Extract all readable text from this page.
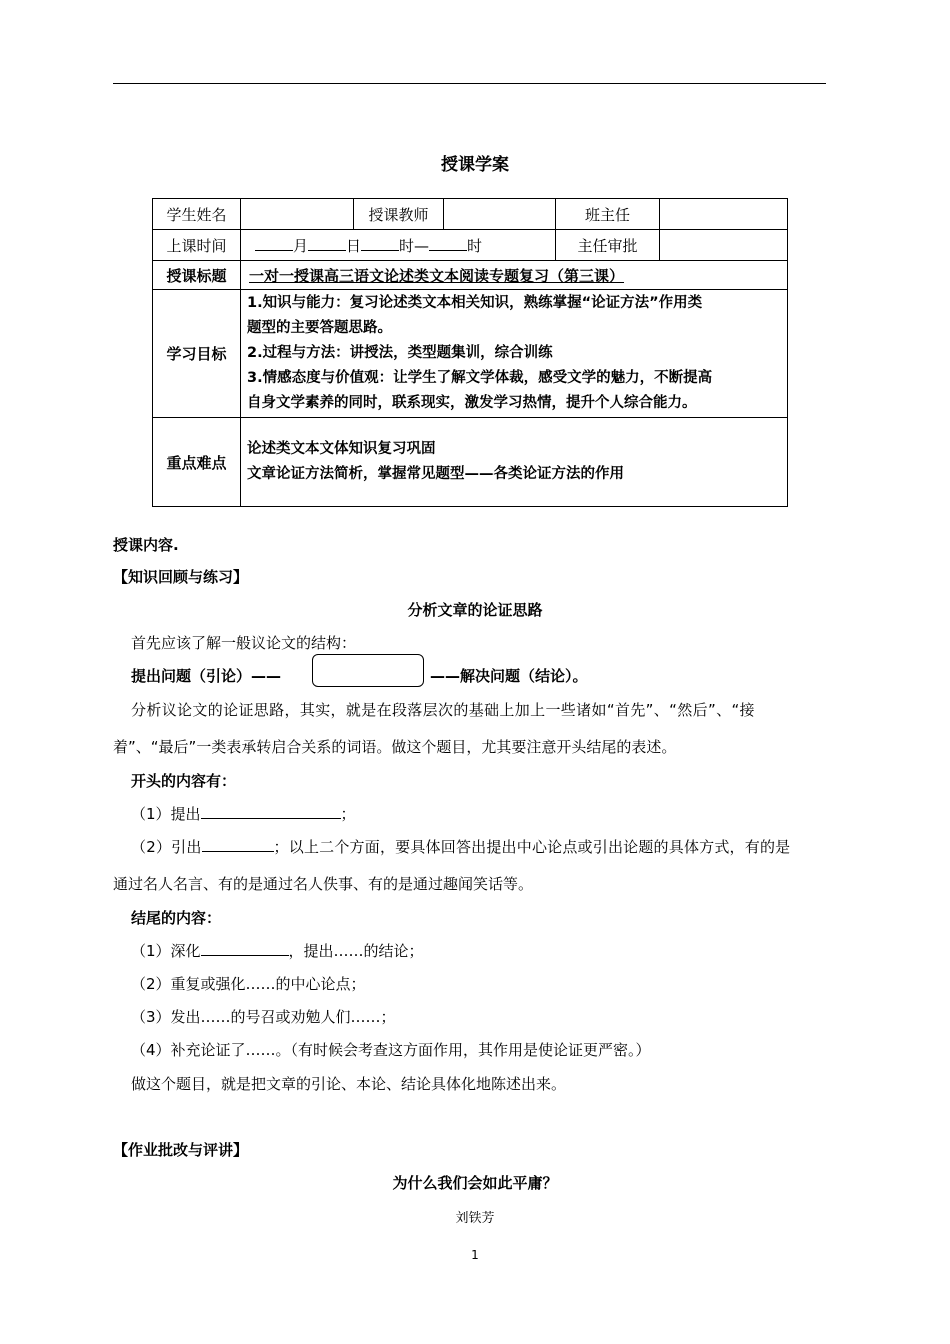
授课学案
学生姓名		授课教师		班主任	
上课时间	月 日 时— 时			主任审批	
授课标题	一对一授课高三语文论述类文本阅读专题复习（第三课）				
学习目标	1.知识与能力：复习论述类文本相关知识，熟练掌握“论证方法”作用类
题型的主要答题思路。
2.过程与方法：讲授法，类型题集训，综合训练
3.情感态度与价值观：让学生了解文学体裁，感受文学的魅力，不断提高
自身文学素养的同时，联系现实，激发学习热情，提升个人综合能力。				

重点难点	论述类文本文体知识复习巩固
文章论证方法简析，掌握常见题型——各类论证方法的作用				
授课内容.
【知识回顾与练习】
分析文章的论证思路
首先应该了解一般议论文的结构：
提出问题（引论）——	——解决问题（结论）。
分析议论文的论证思路，其实，就是在段落层次的基础上加上一些诸如“首先”、“然后”、“接
着”、“最后”一类表承转启合关系的词语。做这个题目，尤其要注意开头结尾的表述。
开头的内容有：
（1）提出	；
（2）引出	；以上二个方面，要具体回答出提出中心论点或引出论题的具体方式，有的是
通过名人名言、有的是通过名人佚事、有的是通过趣闻笑话等。
结尾的内容：
（1）深化	，提出……的结论；
（2）重复或强化……的中心论点；
（3）发出……的号召或劝勉人们……；
（4）补充论证了……。（有时候会考查这方面作用，其作用是使论证更严密。）
做这个题目，就是把文章的引论、本论、结论具体化地陈述出来。
【作业批改与评讲】
为什么我们会如此平庸？
刘铁芳
1
